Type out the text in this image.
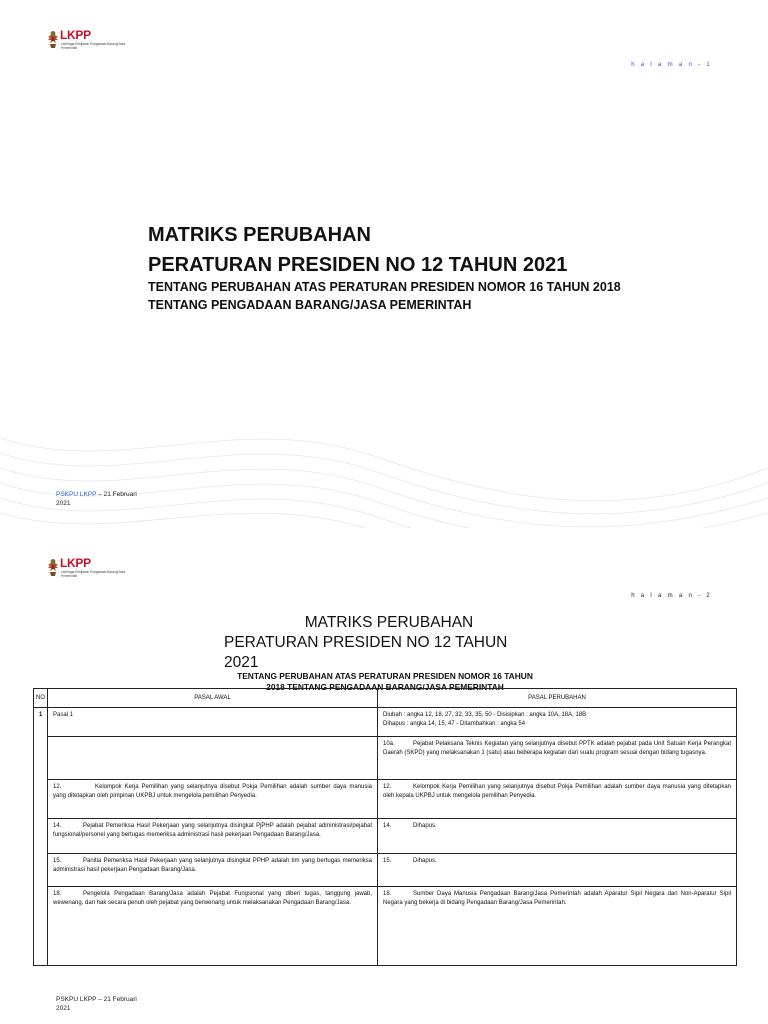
LKPP
Lembaga Kebijakan Pengadaan Barang/Jasa Pemerintah
h a l a m a n - 1
MATRIKS PERUBAHAN
PERATURAN PRESIDEN NO 12 TAHUN 2021
TENTANG PERUBAHAN ATAS PERATURAN PRESIDEN NOMOR 16 TAHUN 2018
TENTANG PENGADAAN BARANG/JASA PEMERINTAH
PSKPU LKPP – 21 Februari
2021
LKPP
Lembaga Kebijakan Pengadaan Barang/Jasa Pemerintah
h a l a m a n - 2
MATRIKS PERUBAHAN
PERATURAN PRESIDEN NO 12 TAHUN
2021
TENTANG PERUBAHAN ATAS PERATURAN PRESIDEN NOMOR 16 TAHUN
2018 TENTANG PENGADAAN BARANG/JASA PEMERINTAH
NO	PASAL AWAL	PASAL PERUBAHAN
1	Pasal 1	Diubah : angka 12, 18, 27, 32, 33, 35, 50 - Disisipkan : angka 10A, 18A, 18B
Dihapus : angka 14, 15, 47 - Ditambahkan : angka 54
		10a. Pejabat Pelaksana Teknis Kegiatan yang selanjutnya disebut PPTK adalah pejabat pada Unit Satuan Kerja Perangkat Daerah (SKPD) yang melaksanakan 1 (satu) atau beberapa kegiatan dari suatu program sesuai dengan bidang tugasnya.
	12. Kelompok Kerja Pemilihan yang selanjutnya disebut Pokja Pemilihan adalah sumber daya manusia yang ditetapkan oleh pimpinan UKPBJ untuk mengelola pemilihan Penyedia.	12. Kelompok Kerja Pemilihan yang selanjutnya disebut Pokja Pemilihan adalah sumber daya manusia yang ditetapkan oleh kepala UKPBJ untuk mengelola pemilihan Penyedia.
	14. Pejabat Pemeriksa Hasil Pekerjaan yang selanjutnya disingkat PjPHP adalah pejabat administrasi/pejabat fungsional/personel yang bertugas memeriksa administrasi hasil pekerjaan Pengadaan Barang/Jasa.	14. Dihapus.
	15. Panitia Pemeriksa Hasil Pekerjaan yang selanjutnya disingkat PPHP adalah tim yang bertugas memeriksa administrasi hasil pekerjaan Pengadaan Barang/Jasa.	15. Dihapus.
	18. Pengelola Pengadaan Barang/Jasa adalah Pejabat Fungsional yang diberi tugas, tanggung jawab, wewenang, dan hak secara penuh oleh pejabat yang berwenang untuk melaksanakan Pengadaan Barang/Jasa.	18. Sumber Daya Manusia Pengadaan Barang/Jasa Pemerintah adalah Aparatur Sipil Negara dan Non-Aparatur Sipil Negara yang bekerja di bidang Pengadaan Barang/Jasa Pemerintah.
PSKPU LKPP – 21 Februari
2021
